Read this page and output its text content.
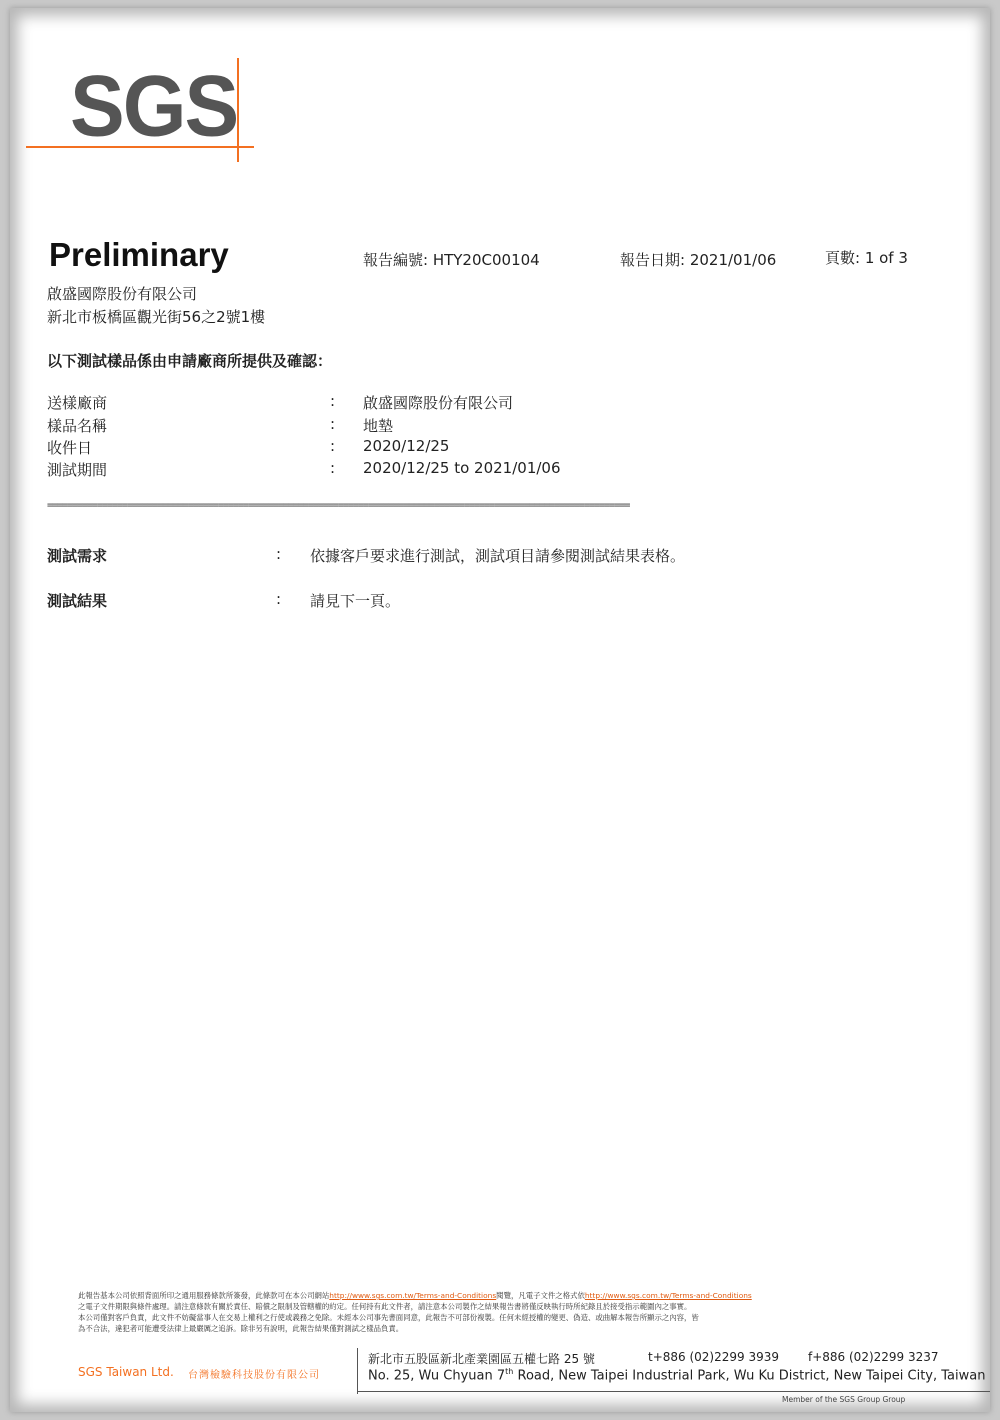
SGS
Preliminary	報告編號: HTY20C00104	報告日期: 2021/01/06	頁數: 1 of 3
啟盛國際股份有限公司
新北市板橋區觀光街56之2號1樓
以下測試樣品係由申請廠商所提供及確認：
送樣廠商	: 啟盛國際股份有限公司
樣品名稱	: 地墊
收件日	: 2020/12/25
測試期間	: 2020/12/25 to 2021/01/06
====================================================================================================================
測試需求	: 依據客戶要求進行測試，測試項目請參閱測試結果表格。
測試結果	: 請見下一頁。
此報告基本公司依照背面所印之通用服務條款所簽發，此條款可在本公司網站http://www.sgs.com.tw/Terms-and-Conditions閱覽，凡電子文件之格式依http://www.sgs.com.tw/Terms-and-Conditions
之電子文件期限與條件處理。請注意條款有關於責任、賠償之限制及管轄權的約定。任何持有此文件者，請注意本公司製作之結果報告書將僅反映執行時所紀錄且於接受指示範圍內之事實。
本公司僅對客戶負責，此文件不妨礙當事人在交易上權利之行使或義務之免除。未經本公司事先書面同意，此報告不可部份複製。任何未經授權的變更、偽造、或曲解本報告所顯示之內容，皆
為不合法，違犯者可能遭受法律上最嚴厲之追訴。除非另有說明，此報告結果僅對測試之樣品負責。
SGS Taiwan Ltd. 台灣檢驗科技股份有限公司
新北市五股區新北產業園區五權七路 25 號	t+886 (02)2299 3939 f+886 (02)2299 3237
No. 25, Wu Chyuan 7th Road, New Taipei Industrial Park, Wu Ku District, New Taipei City, Taiwan
Member of the SGS Group Group
